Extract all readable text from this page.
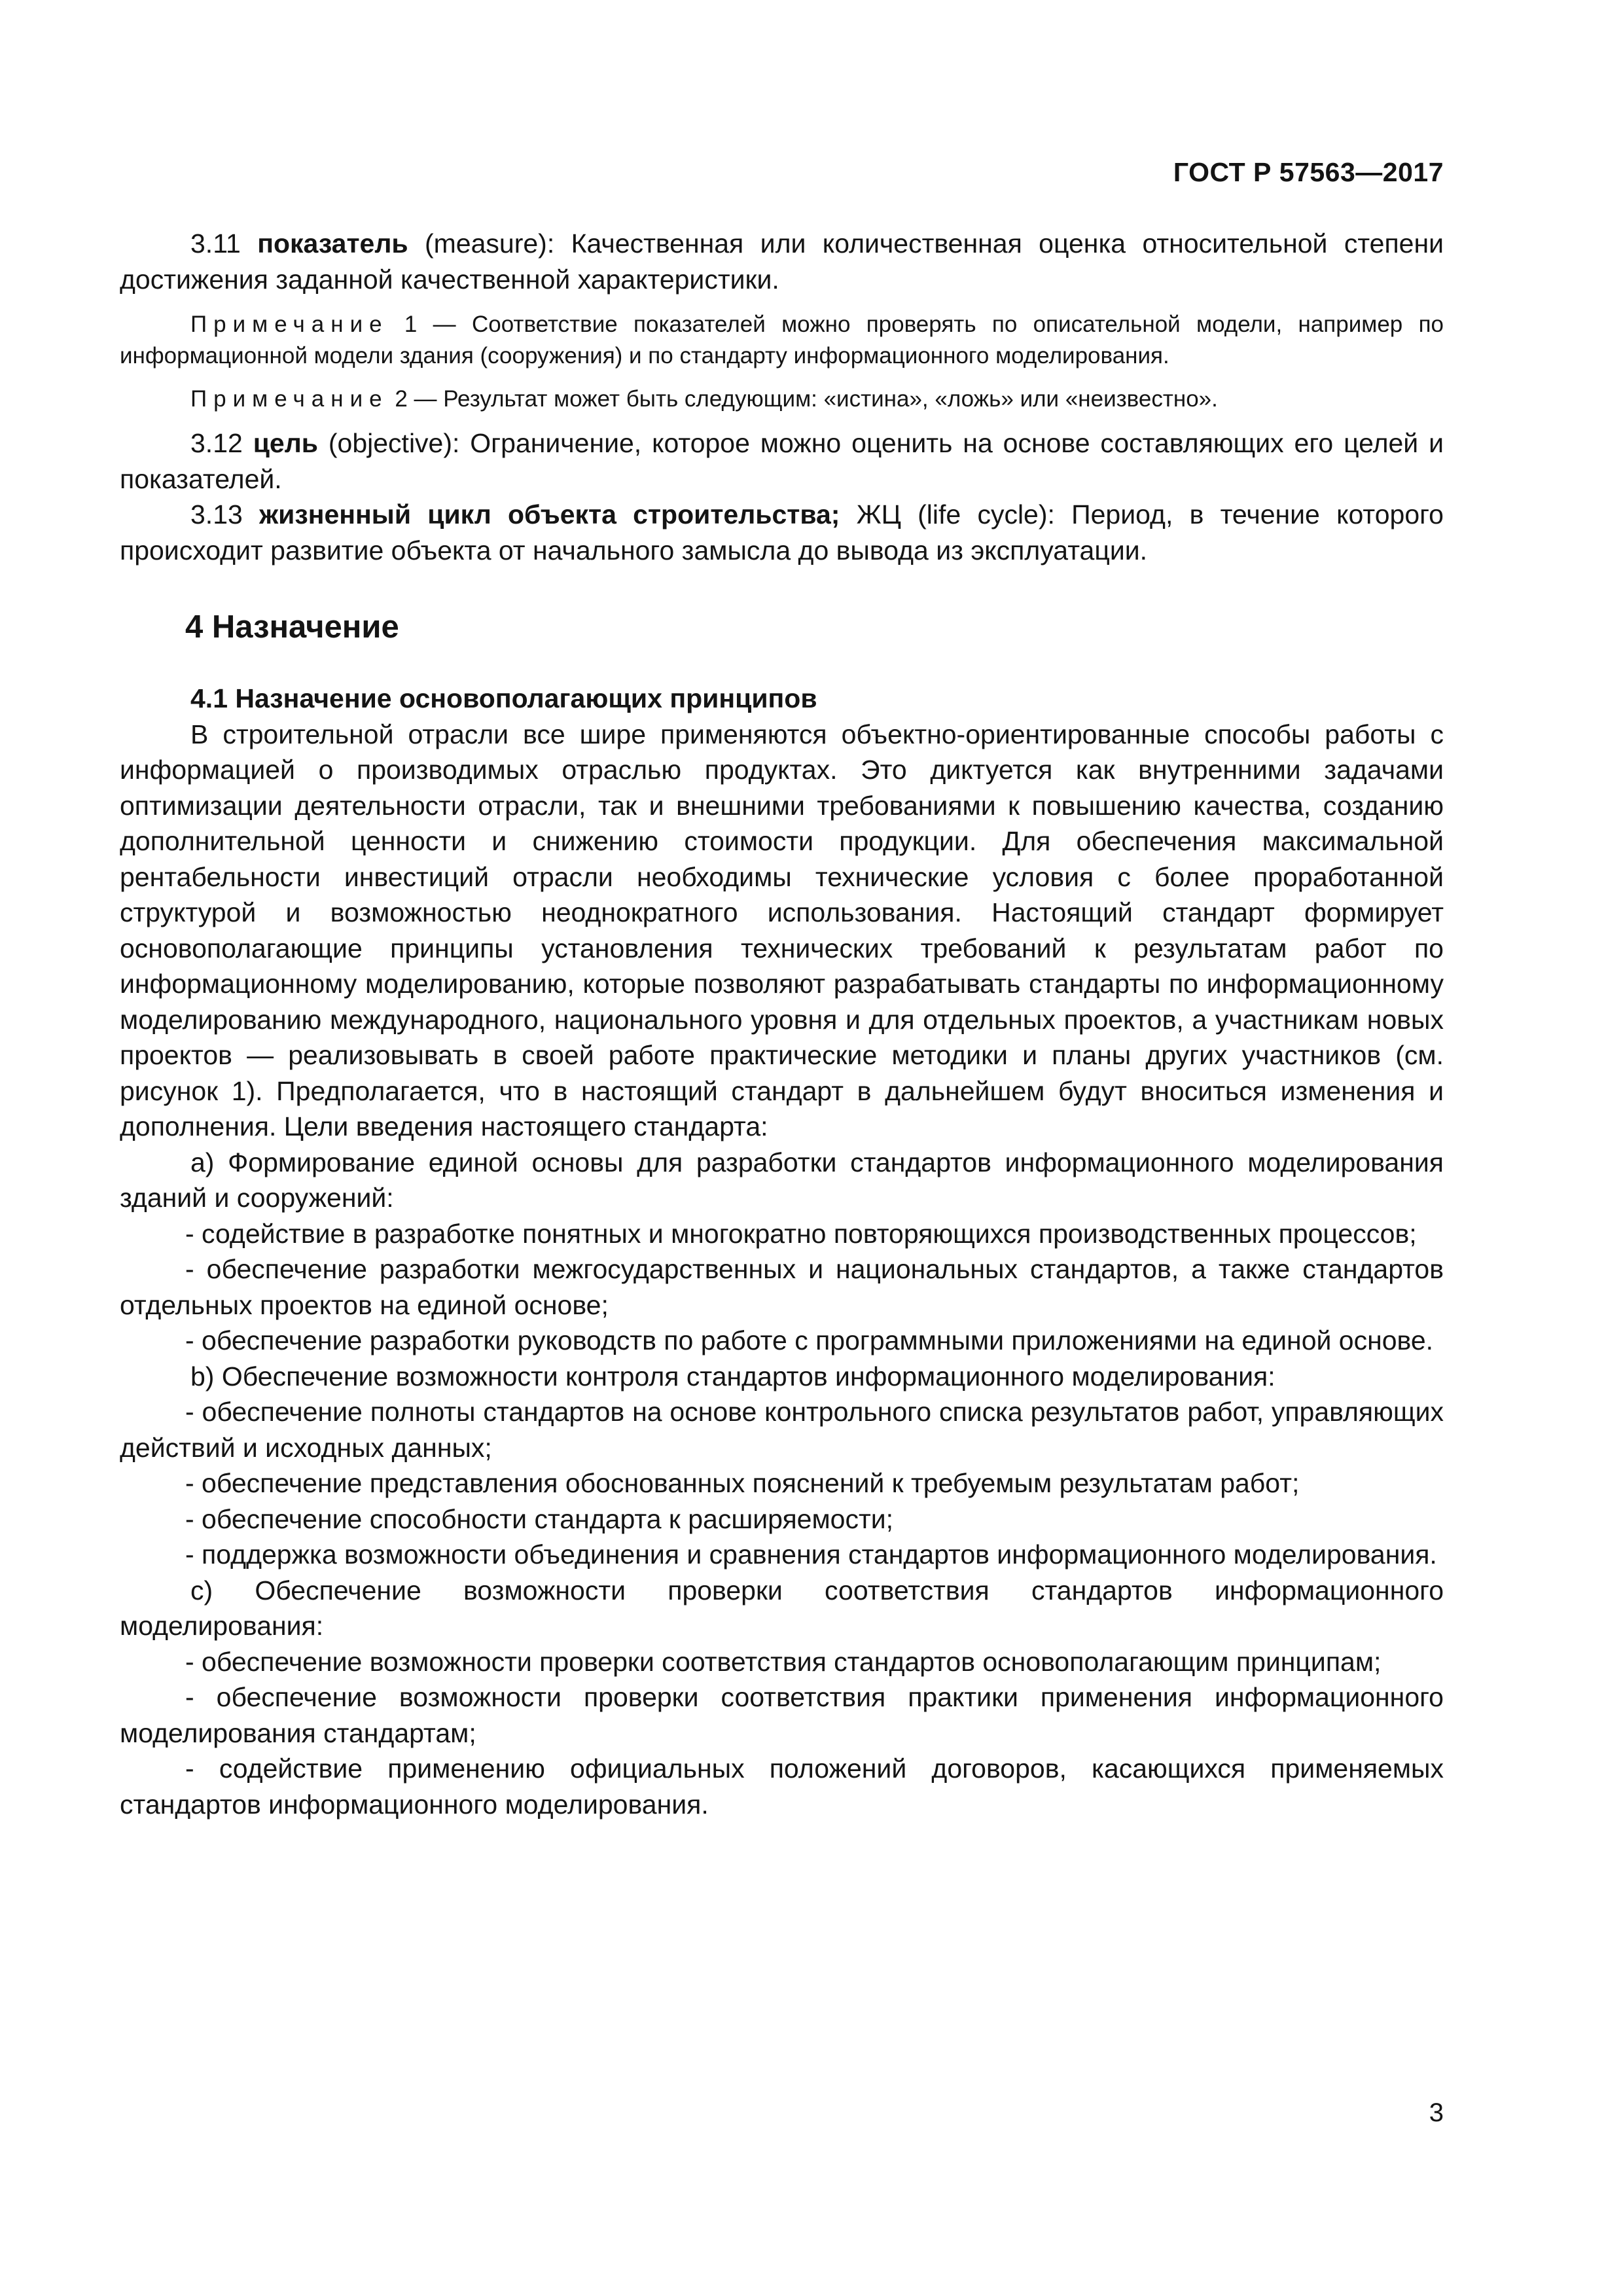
ГОСТ Р 57563—2017

3.11 показатель (measure): Качественная или количественная оценка относительной степени достижения заданной качественной характеристики.

Примечание 1 — Соответствие показателей можно проверять по описательной модели, например по информационной модели здания (сооружения) и по стандарту информационного моделирования.

Примечание 2 — Результат может быть следующим: «истина», «ложь» или «неизвестно».

3.12 цель (objective): Ограничение, которое можно оценить на основе составляющих его целей и показателей.

3.13 жизненный цикл объекта строительства; ЖЦ (life cycle): Период, в течение которого происходит развитие объекта от начального замысла до вывода из эксплуатации.

4 Назначение
4.1 Назначение основополагающих принципов

В строительной отрасли все шире применяются объектно-ориентированные способы работы с информацией о производимых отраслью продуктах. Это диктуется как внутренними задачами оптимизации деятельности отрасли, так и внешними требованиями к повышению качества, созданию дополнительной ценности и снижению стоимости продукции. Для обеспечения максимальной рентабельности инвестиций отрасли необходимы технические условия с более проработанной структурой и возможностью неоднократного использования. Настоящий стандарт формирует основополагающие принципы установления технических требований к результатам работ по информационному моделированию, которые позволяют разрабатывать стандарты по информационному моделированию международного, национального уровня и для отдельных проектов, а участникам новых проектов — реализовывать в своей работе практические методики и планы других участников (см. рисунок 1). Предполагается, что в настоящий стандарт в дальнейшем будут вноситься изменения и дополнения. Цели введения настоящего стандарта:

a) Формирование единой основы для разработки стандартов информационного моделирования зданий и сооружений:

- содействие в разработке понятных и многократно повторяющихся производственных процессов;

- обеспечение разработки межгосударственных и национальных стандартов, а также стандартов отдельных проектов на единой основе;

- обеспечение разработки руководств по работе с программными приложениями на единой основе.

b) Обеспечение возможности контроля стандартов информационного моделирования:

- обеспечение полноты стандартов на основе контрольного списка результатов работ, управляющих действий и исходных данных;

- обеспечение представления обоснованных пояснений к требуемым результатам работ;

- обеспечение способности стандарта к расширяемости;

- поддержка возможности объединения и сравнения стандартов информационного моделирования.

c) Обеспечение возможности проверки соответствия стандартов информационного моделирования:

- обеспечение возможности проверки соответствия стандартов основополагающим принципам;

- обеспечение возможности проверки соответствия практики применения информационного моделирования стандартам;

- содействие применению официальных положений договоров, касающихся применяемых стандартов информационного моделирования.

3
